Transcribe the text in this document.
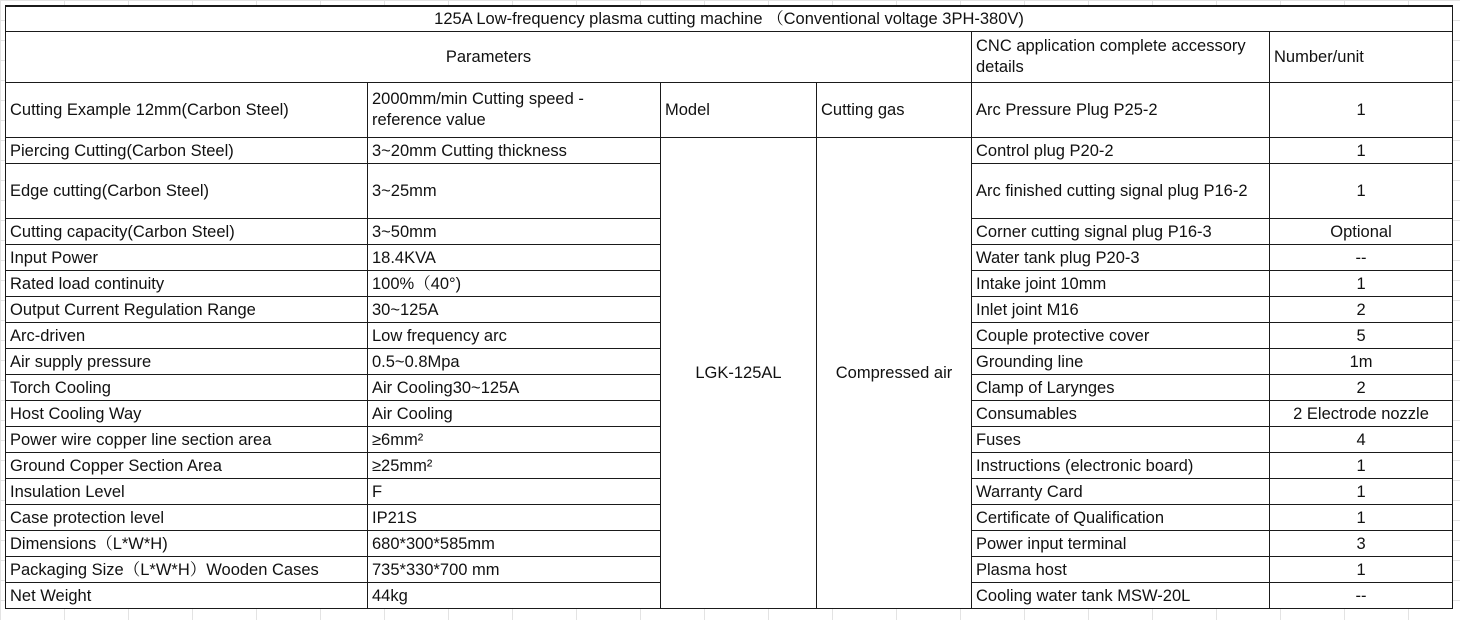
125A Low-frequency plasma cutting machine （Conventional voltage 3PH-380V)					
Parameters				CNC application complete accessory details	Number/unit
Cutting Example 12mm(Carbon Steel)	2000mm/min Cutting speed - reference value	Model	Cutting gas	Arc Pressure Plug P25-2	1
Piercing Cutting(Carbon Steel)	3~20mm Cutting thickness	LGK-125AL	Compressed air	Control plug P20-2	1
Edge cutting(Carbon Steel)	3~25mm			Arc finished cutting signal plug P16-2	1
Cutting capacity(Carbon Steel)	3~50mm			Corner cutting signal plug P16-3	Optional
Input Power	18.4KVA			Water tank plug P20-3	--
Rated load continuity	100%（40°)			Intake joint 10mm	1
Output Current Regulation Range	30~125A			Inlet joint M16	2
Arc-driven	Low frequency arc			Couple protective cover	5
Air supply pressure	0.5~0.8Mpa			Grounding line	1m
Torch Cooling	Air Cooling30~125A			Clamp of Larynges	2
Host Cooling Way	Air Cooling			Consumables	2 Electrode nozzle
Power wire copper line section area	≥6mm²			Fuses	4
Ground Copper Section Area	≥25mm²			Instructions (electronic board)	1
Insulation Level	F			Warranty Card	1
Case protection level	IP21S			Certificate of Qualification	1
Dimensions（L*W*H)	680*300*585mm			Power input terminal	3
Packaging Size（L*W*H）Wooden Cases	735*330*700 mm			Plasma host	1
Net Weight	44kg			Cooling water tank MSW-20L	--
